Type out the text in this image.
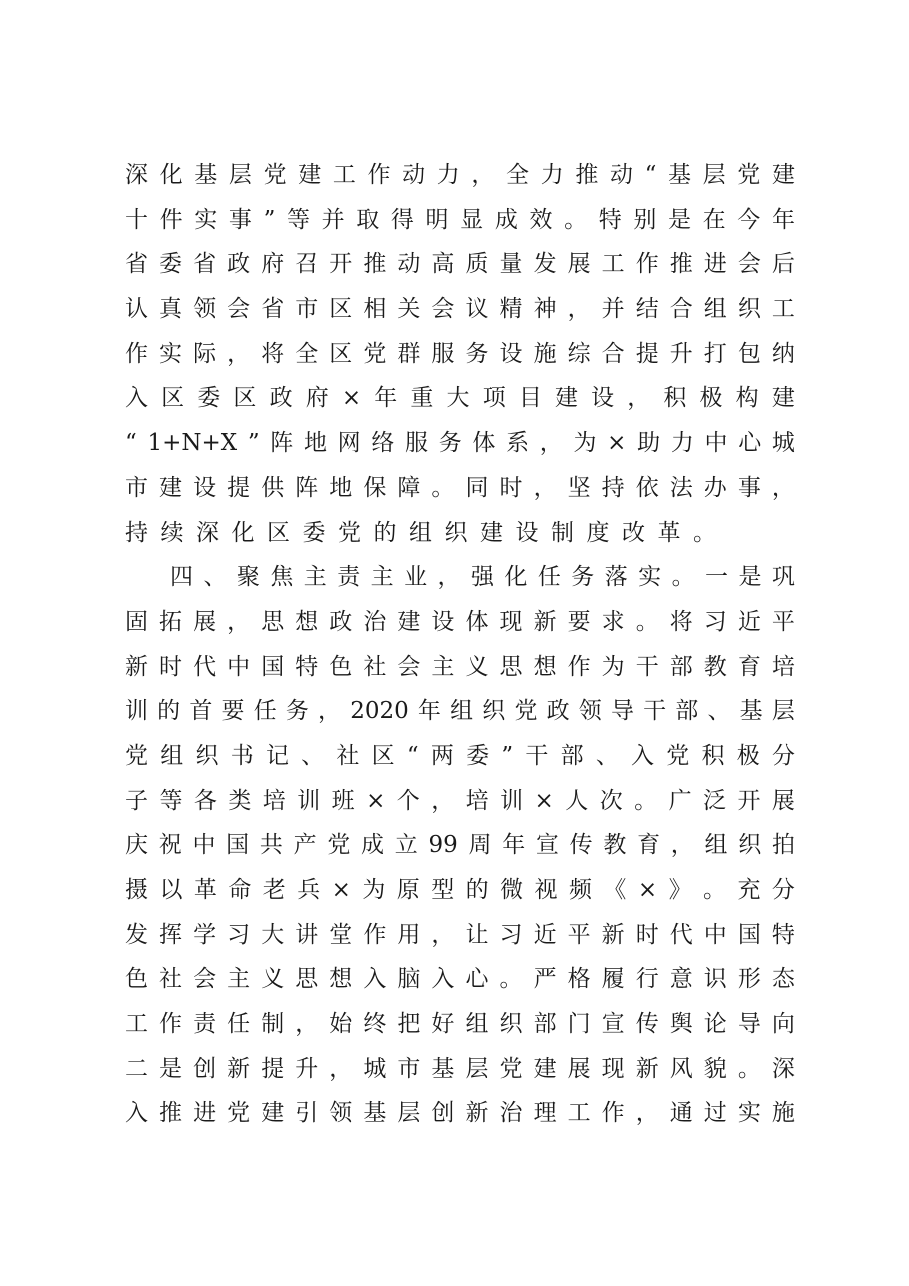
深 化 基 层 党 建 工 作 动 力 ， 全 力 推 动 “ 基 层 党 建
十 件 实 事 ” 等 并 取 得 明 显 成 效 。 特 别 是 在 今 年
省 委 省 政 府 召 开 推 动 高 质 量 发 展 工 作 推 进 会 后
认 真 领 会 省 市 区 相 关 会 议 精 神 ， 并 结 合 组 织 工
作 实 际 ， 将 全 区 党 群 服 务 设 施 综 合 提 升 打 包 纳
入 区 委 区 政 府 × 年 重 大 项 目 建 设 ， 积 极 构 建
“ 1+N+X ” 阵 地 网 络 服 务 体 系 ， 为 × 助 力 中 心 城
市 建 设 提 供 阵 地 保 障 。 同 时 ， 坚 持 依 法 办 事 ，
持续深化区委党的组织建设制度改革。
四 、 聚 焦 主 责 主 业 ， 强 化 任 务 落 实 。 一 是 巩
固 拓 展 ， 思 想 政 治 建 设 体 现 新 要 求 。 将 习 近 平
新 时 代 中 国 特 色 社 会 主 义 思 想 作 为 干 部 教 育 培
训 的 首 要 任 务 ， 2020 年 组 织 党 政 领 导 干 部 、 基 层
党 组 织 书 记 、 社 区 “ 两 委 ” 干 部 、 入 党 积 极 分
子 等 各 类 培 训 班 × 个 ， 培 训 × 人 次 。 广 泛 开 展
庆 祝 中 国 共 产 党 成 立 99 周 年 宣 传 教 育 ， 组 织 拍
摄 以 革 命 老 兵 × 为 原 型 的 微 视 频 《 × 》 。 充 分
发 挥 学 习 大 讲 堂 作 用 ， 让 习 近 平 新 时 代 中 国 特
色 社 会 主 义 思 想 入 脑 入 心 。 严 格 履 行 意 识 形 态
工 作 责 任 制 ， 始 终 把 好 组 织 部 门 宣 传 舆 论 导 向
二 是 创 新 提 升 ， 城 市 基 层 党 建 展 现 新 风 貌 。 深
入 推 进 党 建 引 领 基 层 创 新 治 理 工 作 ， 通 过 实 施
